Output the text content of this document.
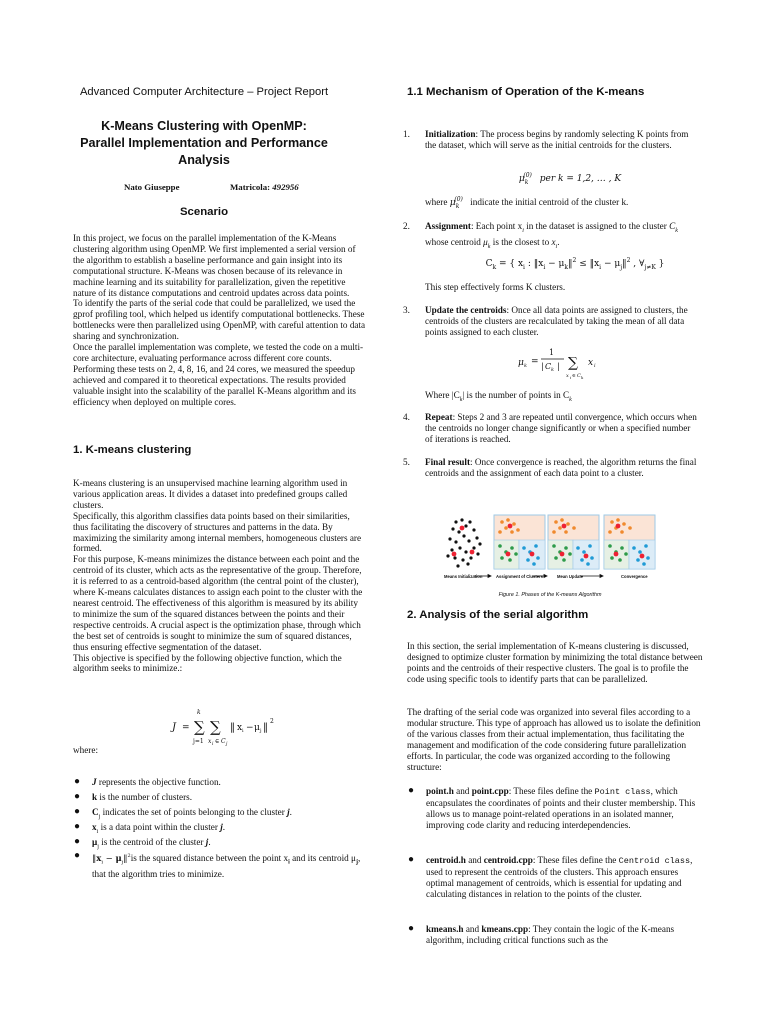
Advanced Computer Architecture – Project Report
K-Means Clustering with OpenMP:
Parallel Implementation and Performance
Analysis
Nato Giuseppe	Matricola: 492956
Scenario

In this project, we focus on the parallel implementation of the K-Means clustering algorithm using OpenMP. We first implemented a serial version of the algorithm to establish a baseline performance and gain insight into its computational structure. K-Means was chosen because of its relevance in machine learning and its suitability for parallelization, given the repetitive nature of its distance computations and centroid updates across data points.

To identify the parts of the serial code that could be parallelized, we used the gprof profiling tool, which helped us identify computational bottlenecks. These bottlenecks were then parallelized using OpenMP, with careful attention to data sharing and synchronization.

Once the parallel implementation was complete, we tested the code on a multi-core architecture, evaluating performance across different core counts. Performing these tests on 2, 4, 8, 16, and 24 cores, we measured the speedup achieved and compared it to theoretical expectations. The results provided valuable insight into the scalability of the parallel K-Means algorithm and its efficiency when deployed on multiple cores.

1. K-means clustering

K-means clustering is an unsupervised machine learning algorithm used in various application areas. It divides a dataset into predefined groups called clusters.

Specifically, this algorithm classifies data points based on their similarities, thus facilitating the discovery of structures and patterns in the data. By maximizing the similarity among internal members, homogeneous clusters are formed.

For this purpose, K-means minimizes the distance between each point and the centroid of its cluster, which acts as the representative of the group. Therefore, it is referred to as a centroid-based algorithm (the central point of the cluster), where K-means calculates distances to assign each point to the cluster with the nearest centroid. The effectiveness of this algorithm is measured by its ability to minimize the sum of the squared distances between the points and their respective centroids. A crucial aspect is the optimization phase, through which the best set of centroids is sought to minimize the sum of squared distances, thus ensuring effective segmentation of the dataset.

This objective is specified by the following objective function, which the algorithm seeks to minimize.:

J = ∑
k
j=1
∑
x i ∈ C j
‖ x i − μ j ‖
2
where:
● J represents the objective function.
● k is the number of clusters.
● $C_j$ indicates the set of points belonging to the cluster j.
● $x_i$ is a data point within the cluster j.
● $\mu_j$ is the centroid of the cluster j.
● $‖x_i$ − $\mu_j‖^2is$ the squared distance between the point $x_i$ and its centroid $\mu_j$, that the algorithm tries to minimize.
1.1 Mechanism of Operation of the K-means
1. Initialization: The process begins by randomly selecting K points from the dataset, which will serve as the initial centroids for the clusters.
$\mu_k^{(0)}$ per k = 1,2, … , K
where $\mu_k^{(0)}$ indicate the initial centroid of the cluster k.
2. Assignment: Each point $x_i$ in the dataset is assigned to the cluster $C_k$ whose centroid $\mu_k$ is the closest to $x_i$.
$C_k$ = { $x_i$ : $‖x_i$ − $\mu_k‖^2$ ≤ $‖x_i$ − $\mu_j‖^2$ , $\forall_{j\ne K}$ }
This step effectively forms K clusters.
3. Update the centroids: Once all data points are assigned to clusters, the centroids of the clusters are recalculated by taking the mean of all data points assigned to each cluster.
μ k =
1
| C k | ∑
x i ∈ C k
x i
Where $|C_k|$ is the number of points in $C_k$
4. Repeat: Steps 2 and 3 are repeated until convergence, which occurs when the centroids no longer change significantly or when a specified number of iterations is reached.
5. Final result: Once convergence is reached, the algorithm returns the final centroids and the assignment of each data point to a cluster.
Means Initialization	Assignment of Clusters	Mean Update	Convergence
Figure 1. Phases of the K-means Algorithm
2. Analysis of the serial algorithm
In this section, the serial implementation of K-means clustering is discussed, designed to optimize cluster formation by minimizing the total distance between points and the centroids of their respective clusters. The goal is to profile the code using specific tools to identify parts that can be parallelized.
The drafting of the serial code was organized into several files according to a modular structure. This type of approach has allowed us to isolate the definition of the various classes from their actual implementation, thus facilitating the management and modification of the code considering future parallelization efforts. In particular, the code was organized according to the following structure:
● point.h and point.cpp: These files define the Point class, which encapsulates the coordinates of points and their cluster membership. This allows us to manage point-related operations in an isolated manner, improving code clarity and reducing interdependencies.
● centroid.h and centroid.cpp: These files define the Centroid class, used to represent the centroids of the clusters. This approach ensures optimal management of centroids, which is essential for updating and calculating distances in relation to the points of the cluster.
● kmeans.h and kmeans.cpp: They contain the logic of the K-means algorithm, including critical functions such as the
